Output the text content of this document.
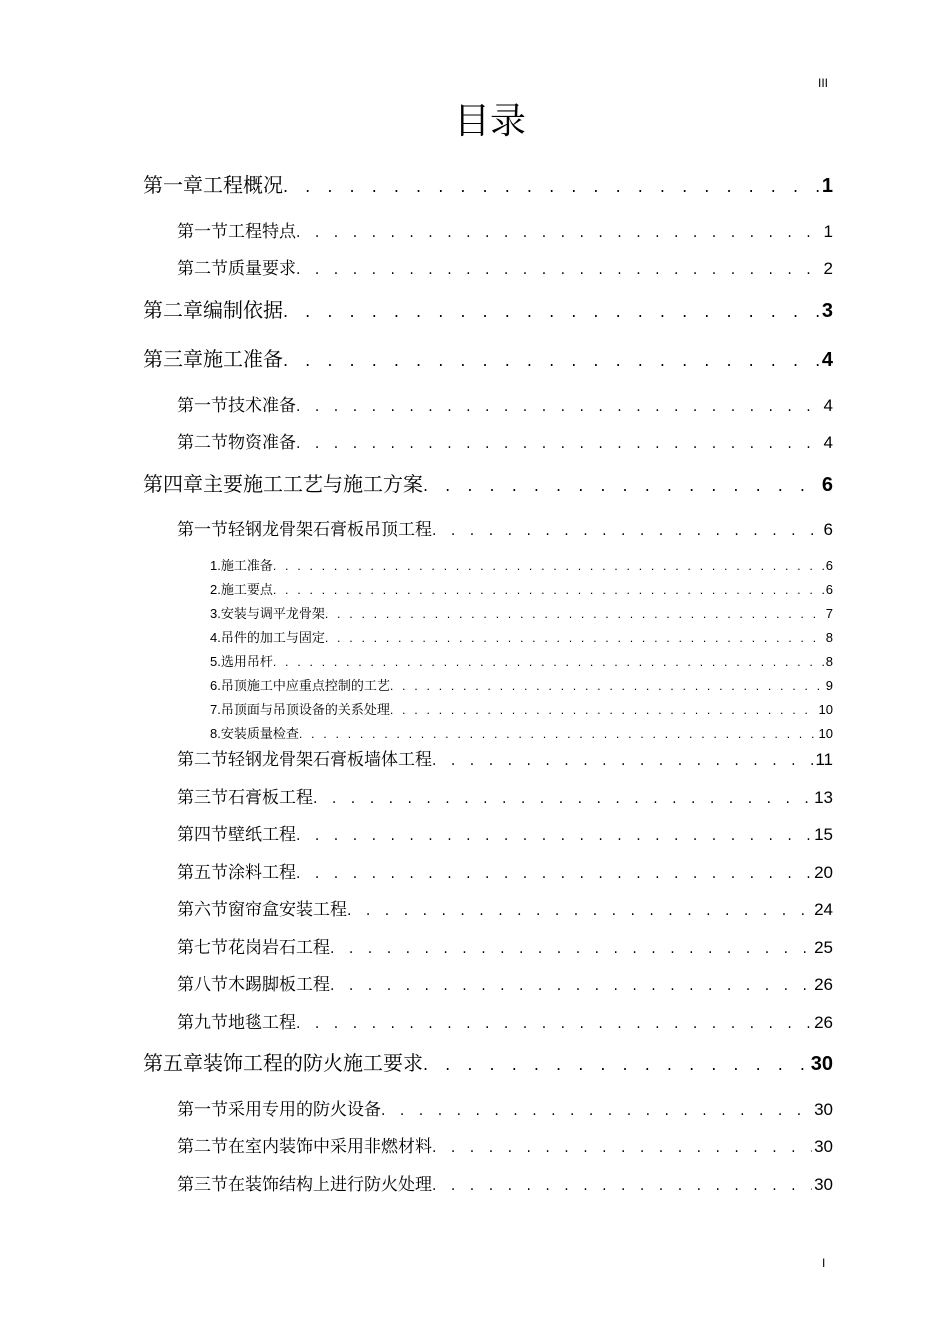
III
目录
第一章工程概况 . . .	1
第一节工程特点 . . .	1
第二节质量要求 . . .	2
第二章编制依据 . . .	3
第三章施工准备 . . .	4
第一节技术准备 . . .	4
第二节物资准备 . . .	4
第四章主要施工工艺与施工方案 . . .	6
第一节轻钢龙骨架石膏板吊顶工程 . . .	6
1. 施工准备 . . .	6
2. 施工要点 . . .	6
3. 安装与调平龙骨架 . . .	7
4. 吊件的加工与固定 . . .	8
5. 选用吊杆 . . .	8
6. 吊顶施工中应重点控制的工艺 . . .	9
7. 吊顶面与吊顶设备的关系处理 . . .	10
8. 安装质量检查 . . .	10
第二节轻钢龙骨架石膏板墙体工程 . . .	11
第三节石膏板工程 . . .	13
第四节壁纸工程 . . .	15
第五节涂料工程 . . .	20
第六节窗帘盒安装工程 . . .	24
第七节花岗岩石工程 . . .	25
第八节木踢脚板工程 . . .	26
第九节地毯工程 . . .	26
第五章装饰工程的防火施工要求 . . .	30
第一节采用专用的防火设备 . . .	30
第二节在室内装饰中采用非燃材料 . . .	30
第三节在装饰结构上进行防火处理 . . .	30
I
